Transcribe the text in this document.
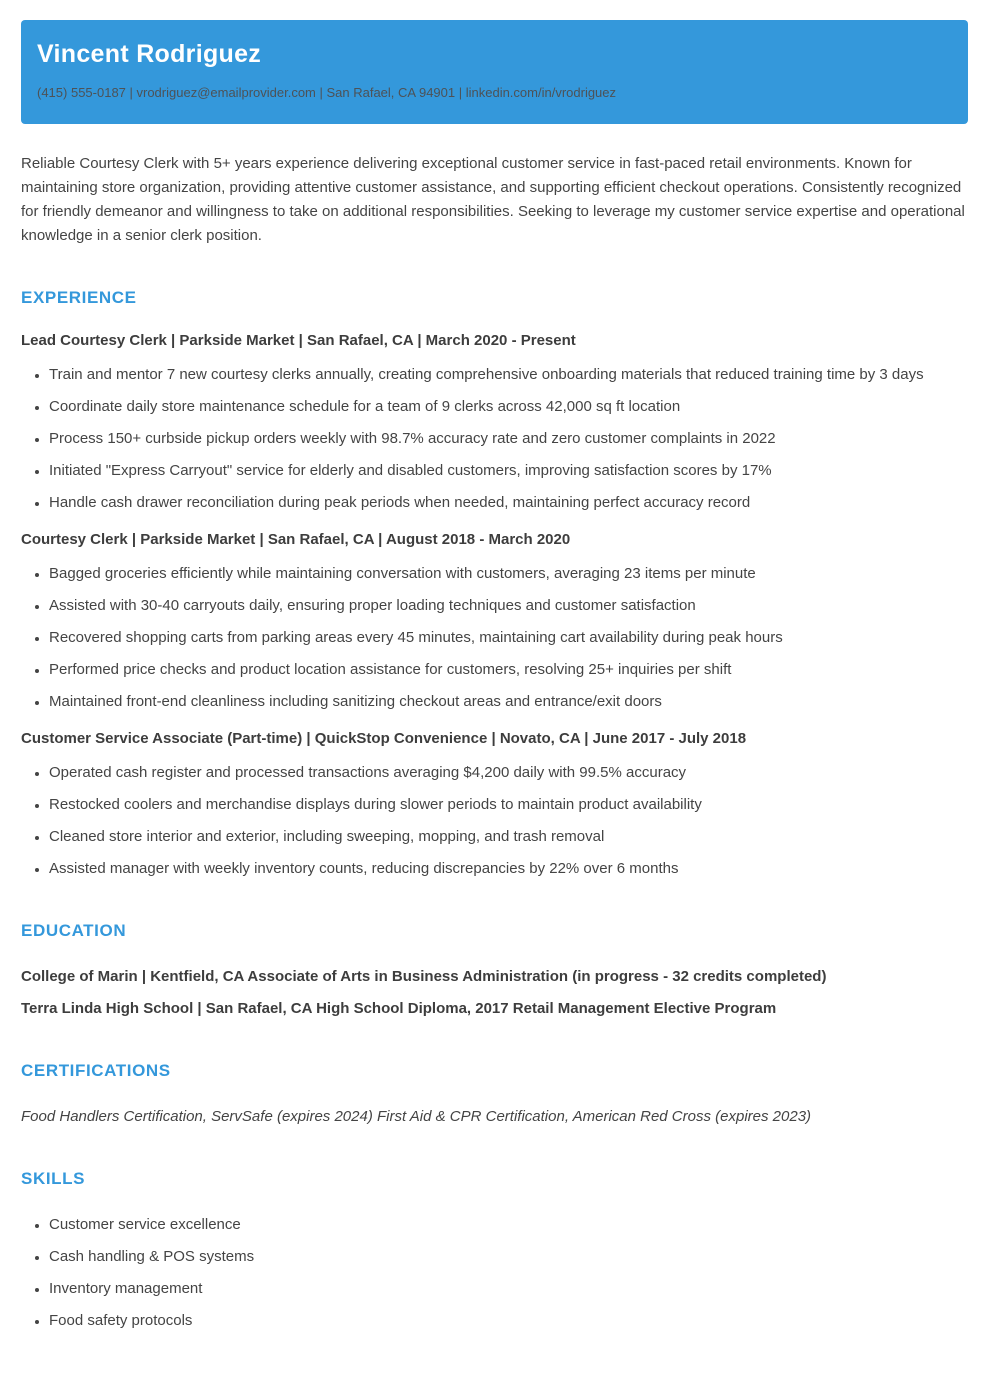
Vincent Rodriguez

(415) 555-0187 | vrodriguez@emailprovider.com | San Rafael, CA 94901 | linkedin.com/in/vrodriguez

Reliable Courtesy Clerk with 5+ years experience delivering exceptional customer service in fast-paced retail environments. Known for maintaining store organization, providing attentive customer assistance, and supporting efficient checkout operations. Consistently recognized for friendly demeanor and willingness to take on additional responsibilities. Seeking to leverage my customer service expertise and operational knowledge in a senior clerk position.

EXPERIENCE
Lead Courtesy Clerk | Parkside Market | San Rafael, CA | March 2020 - Present
• Train and mentor 7 new courtesy clerks annually, creating comprehensive onboarding materials that reduced training time by 3 days
• Coordinate daily store maintenance schedule for a team of 9 clerks across 42,000 sq ft location
• Process 150+ curbside pickup orders weekly with 98.7% accuracy rate and zero customer complaints in 2022
• Initiated "Express Carryout" service for elderly and disabled customers, improving satisfaction scores by 17%
• Handle cash drawer reconciliation during peak periods when needed, maintaining perfect accuracy record
Courtesy Clerk | Parkside Market | San Rafael, CA | August 2018 - March 2020
• Bagged groceries efficiently while maintaining conversation with customers, averaging 23 items per minute
• Assisted with 30-40 carryouts daily, ensuring proper loading techniques and customer satisfaction
• Recovered shopping carts from parking areas every 45 minutes, maintaining cart availability during peak hours
• Performed price checks and product location assistance for customers, resolving 25+ inquiries per shift
• Maintained front-end cleanliness including sanitizing checkout areas and entrance/exit doors
Customer Service Associate (Part-time) | QuickStop Convenience | Novato, CA | June 2017 - July 2018
• Operated cash register and processed transactions averaging $4,200 daily with 99.5% accuracy
• Restocked coolers and merchandise displays during slower periods to maintain product availability
• Cleaned store interior and exterior, including sweeping, mopping, and trash removal
• Assisted manager with weekly inventory counts, reducing discrepancies by 22% over 6 months
EDUCATION

College of Marin | Kentfield, CA Associate of Arts in Business Administration (in progress - 32 credits completed)

Terra Linda High School | San Rafael, CA High School Diploma, 2017 Retail Management Elective Program

CERTIFICATIONS

Food Handlers Certification, ServSafe (expires 2024) First Aid & CPR Certification, American Red Cross (expires 2023)

SKILLS
• Customer service excellence
• Cash handling & POS systems
• Inventory management
• Food safety protocols
